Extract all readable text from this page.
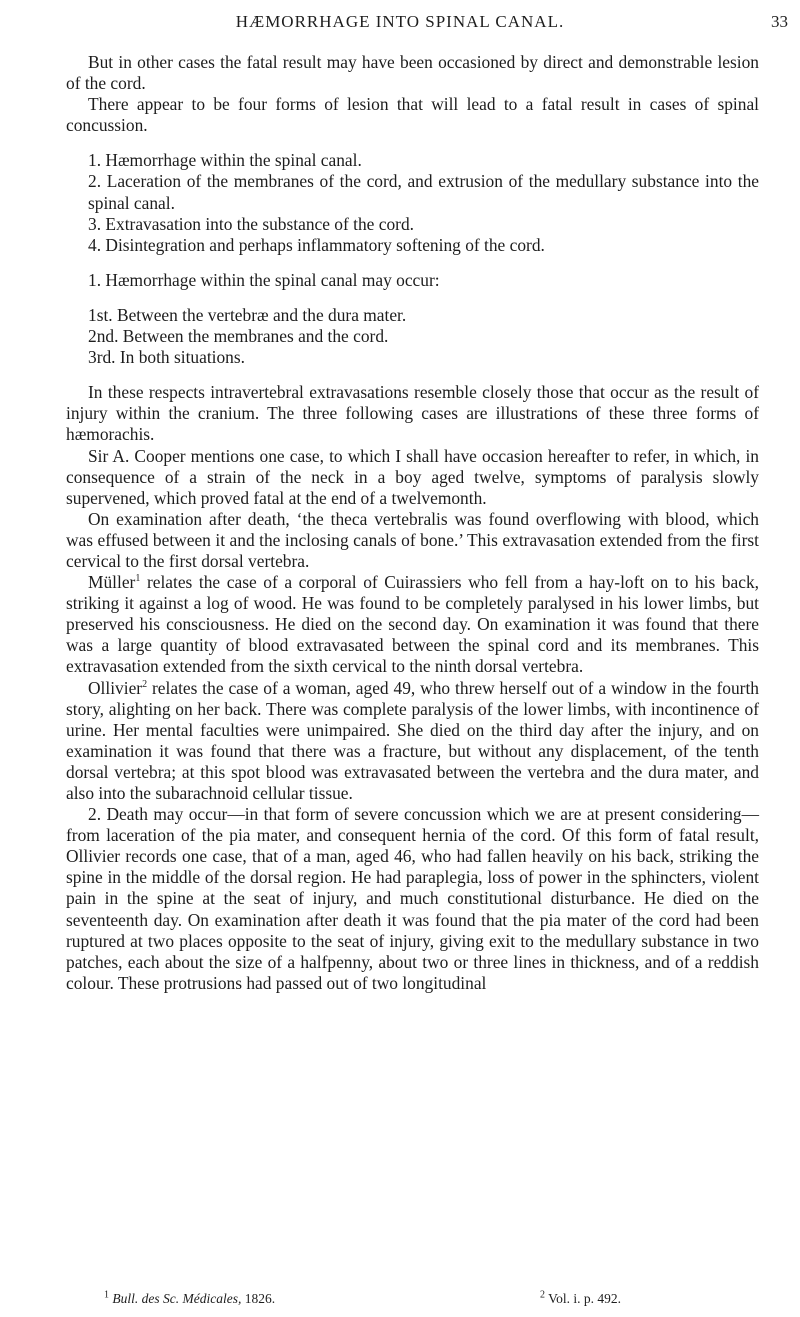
HÆMORRHAGE INTO SPINAL CANAL.	33

But in other cases the fatal result may have been occasioned by direct and demonstrable lesion of the cord.

There appear to be four forms of lesion that will lead to a fatal result in cases of spinal concussion.

1. Hæmorrhage within the spinal canal.

2. Laceration of the membranes of the cord, and extrusion of the medullary substance into the spinal canal.

3. Extravasation into the substance of the cord.

4. Disintegration and perhaps inflammatory softening of the cord.

1. Hæmorrhage within the spinal canal may occur:

1st. Between the vertebræ and the dura mater.

2nd. Between the membranes and the cord.

3rd. In both situations.

In these respects intravertebral extravasations resemble closely those that occur as the result of injury within the cranium. The three following cases are illustrations of these three forms of hæmorachis.

Sir A. Cooper mentions one case, to which I shall have occasion hereafter to refer, in which, in consequence of a strain of the neck in a boy aged twelve, symptoms of paralysis slowly supervened, which proved fatal at the end of a twelvemonth.

On examination after death, ‘the theca vertebralis was found overflowing with blood, which was effused between it and the inclosing canals of bone.’ This extravasation extended from the first cervical to the first dorsal vertebra.

Müller$^1$ relates the case of a corporal of Cuirassiers who fell from a hay-loft on to his back, striking it against a log of wood. He was found to be completely paralysed in his lower limbs, but preserved his consciousness. He died on the second day. On examination it was found that there was a large quantity of blood extravasated between the spinal cord and its membranes. This extravasation extended from the sixth cervical to the ninth dorsal vertebra.

Ollivier$^2$ relates the case of a woman, aged 49, who threw herself out of a window in the fourth story, alighting on her back. There was complete paralysis of the lower limbs, with incontinence of urine. Her mental faculties were unimpaired. She died on the third day after the injury, and on examination it was found that there was a fracture, but without any displacement, of the tenth dorsal vertebra; at this spot blood was extravasated between the vertebra and the dura mater, and also into the subarachnoid cellular tissue.

2. Death may occur—in that form of severe concussion which we are at present considering—from laceration of the pia mater, and consequent hernia of the cord. Of this form of fatal result, Ollivier records one case, that of a man, aged 46, who had fallen heavily on his back, striking the spine in the middle of the dorsal region. He had paraplegia, loss of power in the sphincters, violent pain in the spine at the seat of injury, and much constitutional disturbance. He died on the seventeenth day. On examination after death it was found that the pia mater of the cord had been ruptured at two places opposite to the seat of injury, giving exit to the medullary substance in two patches, each about the size of a halfpenny, about two or three lines in thickness, and of a reddish colour. These protrusions had passed out of two longitudinal

$^1$ Bull. des Sc. Médicales, 1826.	$^2$ Vol. i. p. 492.
